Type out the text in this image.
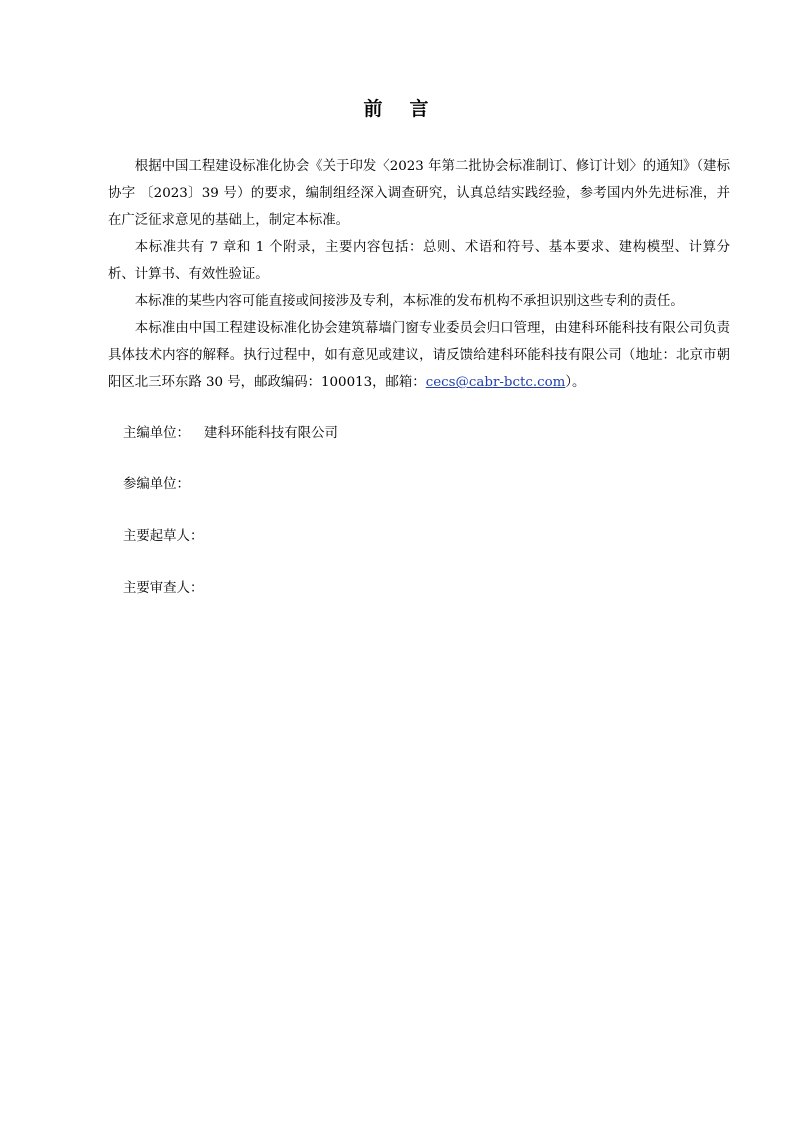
前 言

根据中国工程建设标准化协会《关于印发〈2023 年第二批协会标准制订、修订计划〉的通知》（建标协字 〔2023〕39 号）的要求，编制组经深入调查研究，认真总结实践经验，参考国内外先进标准，并在广泛征求意见的基础上，制定本标准。

本标准共有 7 章和 1 个附录，主要内容包括：总则、术语和符号、基本要求、建构模型、计算分析、计算书、有效性验证。

本标准的某些内容可能直接或间接涉及专利，本标准的发布机构不承担识别这些专利的责任。

本标准由中国工程建设标准化协会建筑幕墙门窗专业委员会归口管理，由建科环能科技有限公司负责具体技术内容的解释。执行过程中，如有意见或建议，请反馈给建科环能科技有限公司（地址：北京市朝阳区北三环东路 30 号，邮政编码：100013，邮箱：cecs@cabr-bctc.com）。

主编单位： 建科环能科技有限公司
参编单位：
主要起草人：
主要审查人：
